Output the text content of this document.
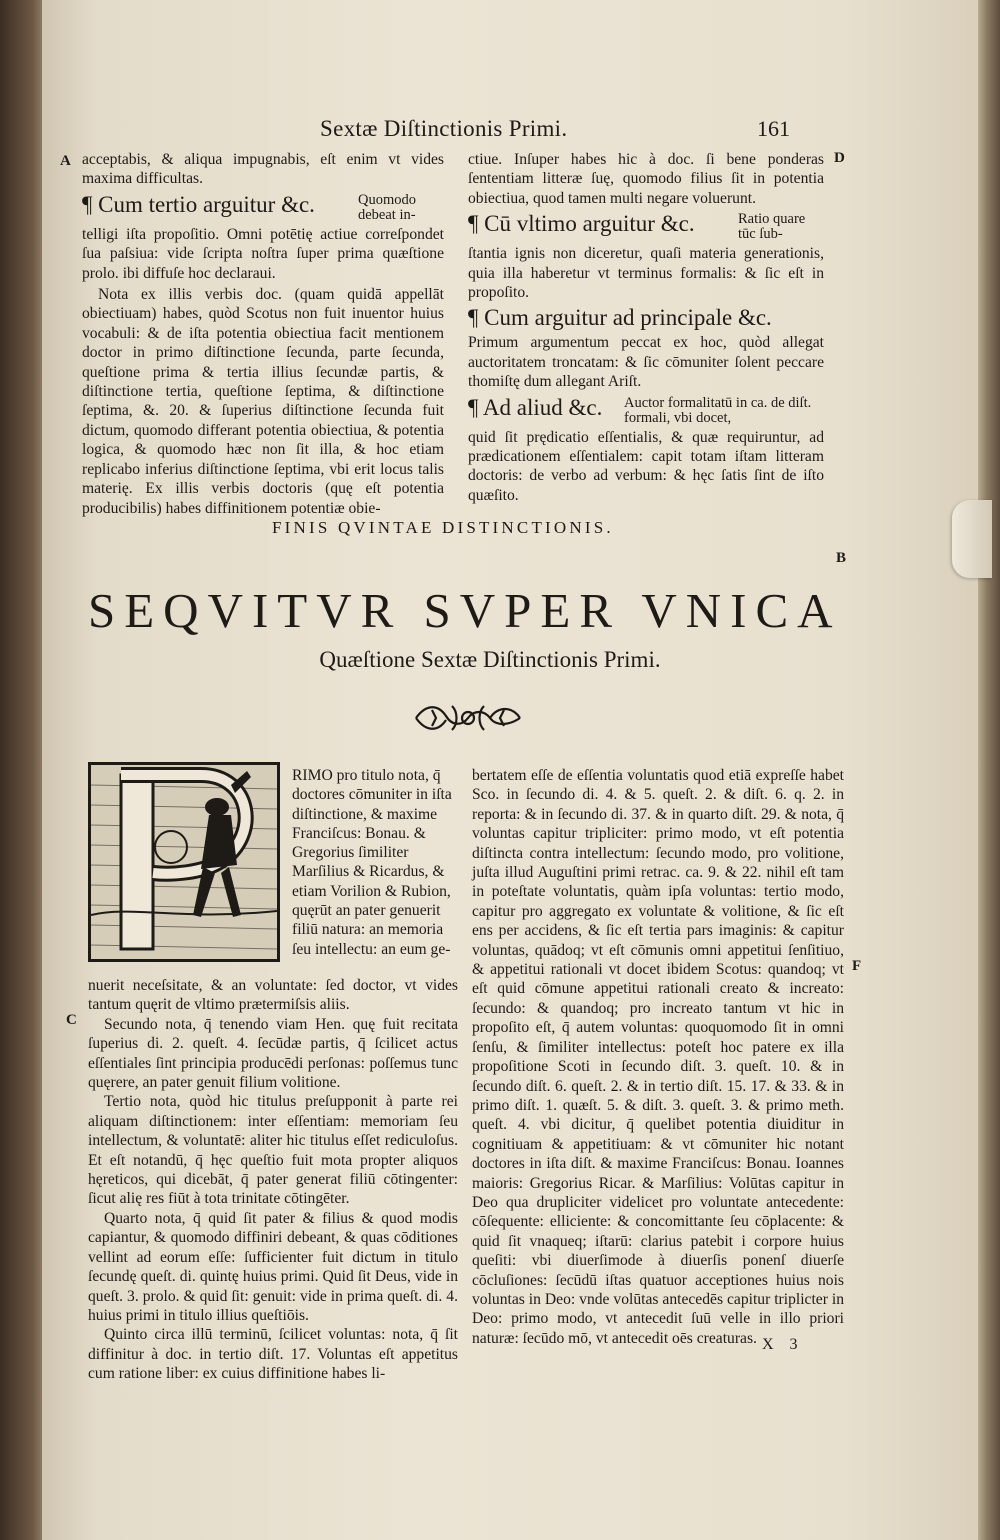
Sextæ Diſtinctionis Primi.	161
A	D
B
F
C

acceptabis, & aliqua impugnabis, eſt enim vt vides maxima difficultas.

Quomodo debeat in-
¶ Cum tertio arguitur &c.

telligi iſta propoſitio. Omni potētię actiue correſpondet ſua paſsiua: vide ſcripta noſtra ſuper prima quæſtione prolo. ibi diffuſe hoc declaraui.

Nota ex illis verbis doc. (quam quidā appellāt obiectiuam) habes, quòd Scotus non fuit inuentor huius vocabuli: & de iſta potentia obiectiua facit mentionem doctor in primo diſtinctione ſecunda, parte ſecunda, queſtione prima & tertia illius ſecundæ partis, & diſtinctione tertia, queſtione ſeptima, & diſtinctione ſeptima, &. 20. & ſuperius diſtinctione ſecunda fuit dictum, quomodo differant potentia obiectiua, & potentia logica, & quomodo hæc non ſit illa, & hoc etiam replicabo inferius diſtinctione ſeptima, vbi erit locus talis materię. Ex illis verbis doctoris (quę eſt potentia producibilis) habes diffinitionem potentiæ obie-

ctiue. Inſuper habes hic à doc. ſi bene ponderas ſententiam litteræ ſuę, quomodo filius ſit in potentia obiectiua, quod tamen multi negare voluerunt.

Ratio quare tūc ſub-
¶ Cū vltimo arguitur &c.

ſtantia ignis non diceretur, quaſi materia generationis, quia illa haberetur vt terminus formalis: & ſic eſt in propoſito.

¶ Cum arguitur ad principale &c.

Primum argumentum peccat ex hoc, quòd allegat auctoritatem troncatam: & ſic cōmuniter ſolent peccare thomiſtę dum allegant Ariſt.

Auctor formalitatū in ca. de diſt. formali, vbi docet,
¶ Ad aliud &c.

quid ſit prędicatio eſſentialis, & quæ requiruntur, ad prædicationem eſſentialem: capit totam iſtam litteram doctoris: de verbo ad verbum: & hęc ſatis ſint de iſto quæſito.

FINIS QVINTAE DISTINCTIONIS.
SEQVITVR SVPER VNICA
Quæſtione Sextæ Diſtinctionis Primi.

RIMO pro titulo nota, q̄ doctores cōmuniter in iſta diſtinctione, & maxime Franciſcus: Bonau. & Gregorius ſimiliter Marſilius & Ricardus, & etiam Vorilion & Rubion, quęrūt an pater genuerit filiū natura: an memoria ſeu intellectu: an eum ge-

nuerit neceſsitate, & an voluntate: ſed doctor, vt vides tantum quęrit de vltimo prætermiſsis aliis.

Secundo nota, q̄ tenendo viam Hen. quę fuit recitata ſuperius di. 2. queſt. 4. ſecūdæ partis, q̄ ſcilicet actus eſſentiales ſint principia producēdi perſonas: poſſemus tunc quęrere, an pater genuit filium volitione.

Tertio nota, quòd hic titulus preſupponit à parte rei aliquam diſtinctionem: inter eſſentiam: memoriam ſeu intellectum, & voluntatē: aliter hic titulus eſſet rediculoſus. Et eſt notandū, q̄ hęc queſtio fuit mota propter aliquos hęreticos, qui dicebāt, q̄ pater generat filiū cōtingenter: ſicut alię res fiūt à tota trinitate cōtingēter.

Quarto nota, q̄ quid ſit pater & filius & quod modis capiantur, & quomodo diffiniri debeant, & quas cōditiones vellint ad eorum eſſe: ſufficienter fuit dictum in titulo ſecundę queſt. di. quintę huius primi. Quid ſit Deus, vide in queſt. 3. prolo. & quid ſit: genuit: vide in prima queſt. di. 4. huius primi in titulo illius queſtiōis.

Quinto circa illū terminū, ſcilicet voluntas: nota, q̄ ſit diffinitur à doc. in tertio diſt. 17. Voluntas eſt appetitus cum ratione liber: ex cuius diffinitione habes li-

bertatem eſſe de eſſentia voluntatis quod etiā expreſſe habet Sco. in ſecundo di. 4. & 5. queſt. 2. & diſt. 6. q. 2. in reporta: & in ſecundo di. 37. & in quarto diſt. 29. & nota, q̄ voluntas capitur tripliciter: primo modo, vt eſt potentia diſtincta contra intellectum: ſecundo modo, pro volitione, juſta illud Auguſtini primi retrac. ca. 9. & 22. nihil eſt tam in poteſtate voluntatis, quàm ipſa voluntas: tertio modo, capitur pro aggregato ex voluntate & volitione, & ſic eſt ens per accidens, & ſic eſt tertia pars imaginis: & capitur voluntas, quādoq; vt eſt cōmunis omni appetitui ſenſitiuo, & appetitui rationali vt docet ibidem Scotus: quandoq; vt eſt quid cōmune appetitui rationali creato & increato: ſecundo: & quandoq; pro increato tantum vt hic in propoſito eſt, q̄ autem voluntas: quoquomodo ſit in omni ſenſu, & ſimiliter intellectus: poteſt hoc patere ex illa propoſitione Scoti in ſecundo diſt. 3. queſt. 10. & in ſecundo diſt. 6. queſt. 2. & in tertio diſt. 15. 17. & 33. & in primo diſt. 1. quæſt. 5. & diſt. 3. queſt. 3. & primo meth. queſt. 4. vbi dicitur, q̄ quelibet potentia diuiditur in cognitiuam & appetitiuam: & vt cōmuniter hic notant doctores in iſta diſt. & maxime Franciſcus: Bonau. Ioannes maioris: Gregorius Ricar. & Marſilius: Volūtas capitur in Deo qua drupliciter videlicet pro voluntate antecedente: cōſequente: elliciente: & concomittante ſeu cōplacente: & quid ſit vnaqueq; iſtarū: clarius patebit i corpore huius queſiti: vbi diuerſimode à diuerſis ponenſ diuerſe cōcluſiones: ſecūdū iſtas quatuor acceptiones huius nois voluntas in Deo: vnde volūtas antecedēs capitur triplicter in Deo: primo modo, vt antecedit ſuū velle in illo priori naturæ: ſecūdo mō, vt antecedit oēs creaturas. X 3
